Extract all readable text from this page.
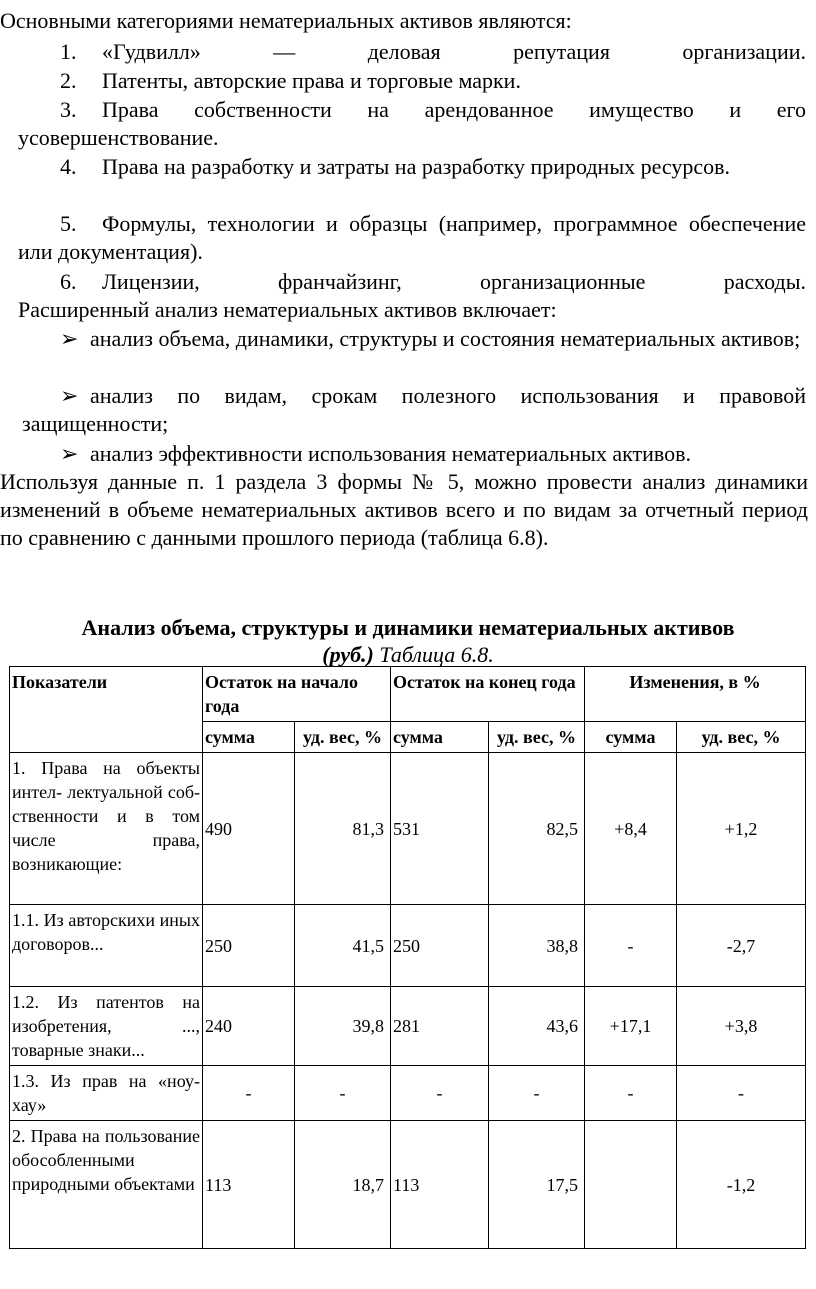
Основными категориями нематериальных активов являются:

1. «Гудвилл» — деловая репутация организации.

2. Патенты, авторские права и торговые марки.

3. Права собственности на арендованное имущество и его усовершенствование.

4. Права на разработку и затраты на разработку природных ресурсов.

5. Формулы, технологии и образцы (например, программное обеспечение или документация).

6. Лицензии, франчайзинг, организационные расходы.

Расширенный анализ нематериальных активов включает:

➢ анализ объема, динамики, структуры и состояния нематериальных активов;

➢ анализ по видам, срокам полезного использования и правовой защищенности;

➢ анализ эффективности использования нематериальных активов.

Используя данные п. 1 раздела 3 формы № 5, можно провести анализ динамики изменений в объеме нематериальных активов всего и по видам за отчетный период по сравнению с данными прошлого периода (таблица 6.8).

Анализ объема, структуры и динамики нематериальных активов
(руб.) Таблица 6.8.

Показатели	Остаток на начало года		Остаток на конец года		Изменения, в %	
	сумма	уд. вес, %	сумма	уд. вес, %	сумма	уд. вес, %
1. Права на объекты интел- лектуальной соб- ственности и в том числе права, возникающие:	490	81,3	531	82,5	+8,4	+1,2
1.1. Из авторскихи иных договоров...	250	41,5	250	38,8	-	-2,7
1.2. Из патентов на изобретения, ..., товарные знаки...	240	39,8	281	43,6	+17,1	+3,8
1.3. Из прав на «ноу-хау»	-	-	-	-	-	-
2. Права на пользование обособленными природными объектами	113	18,7	113	17,5		-1,2
